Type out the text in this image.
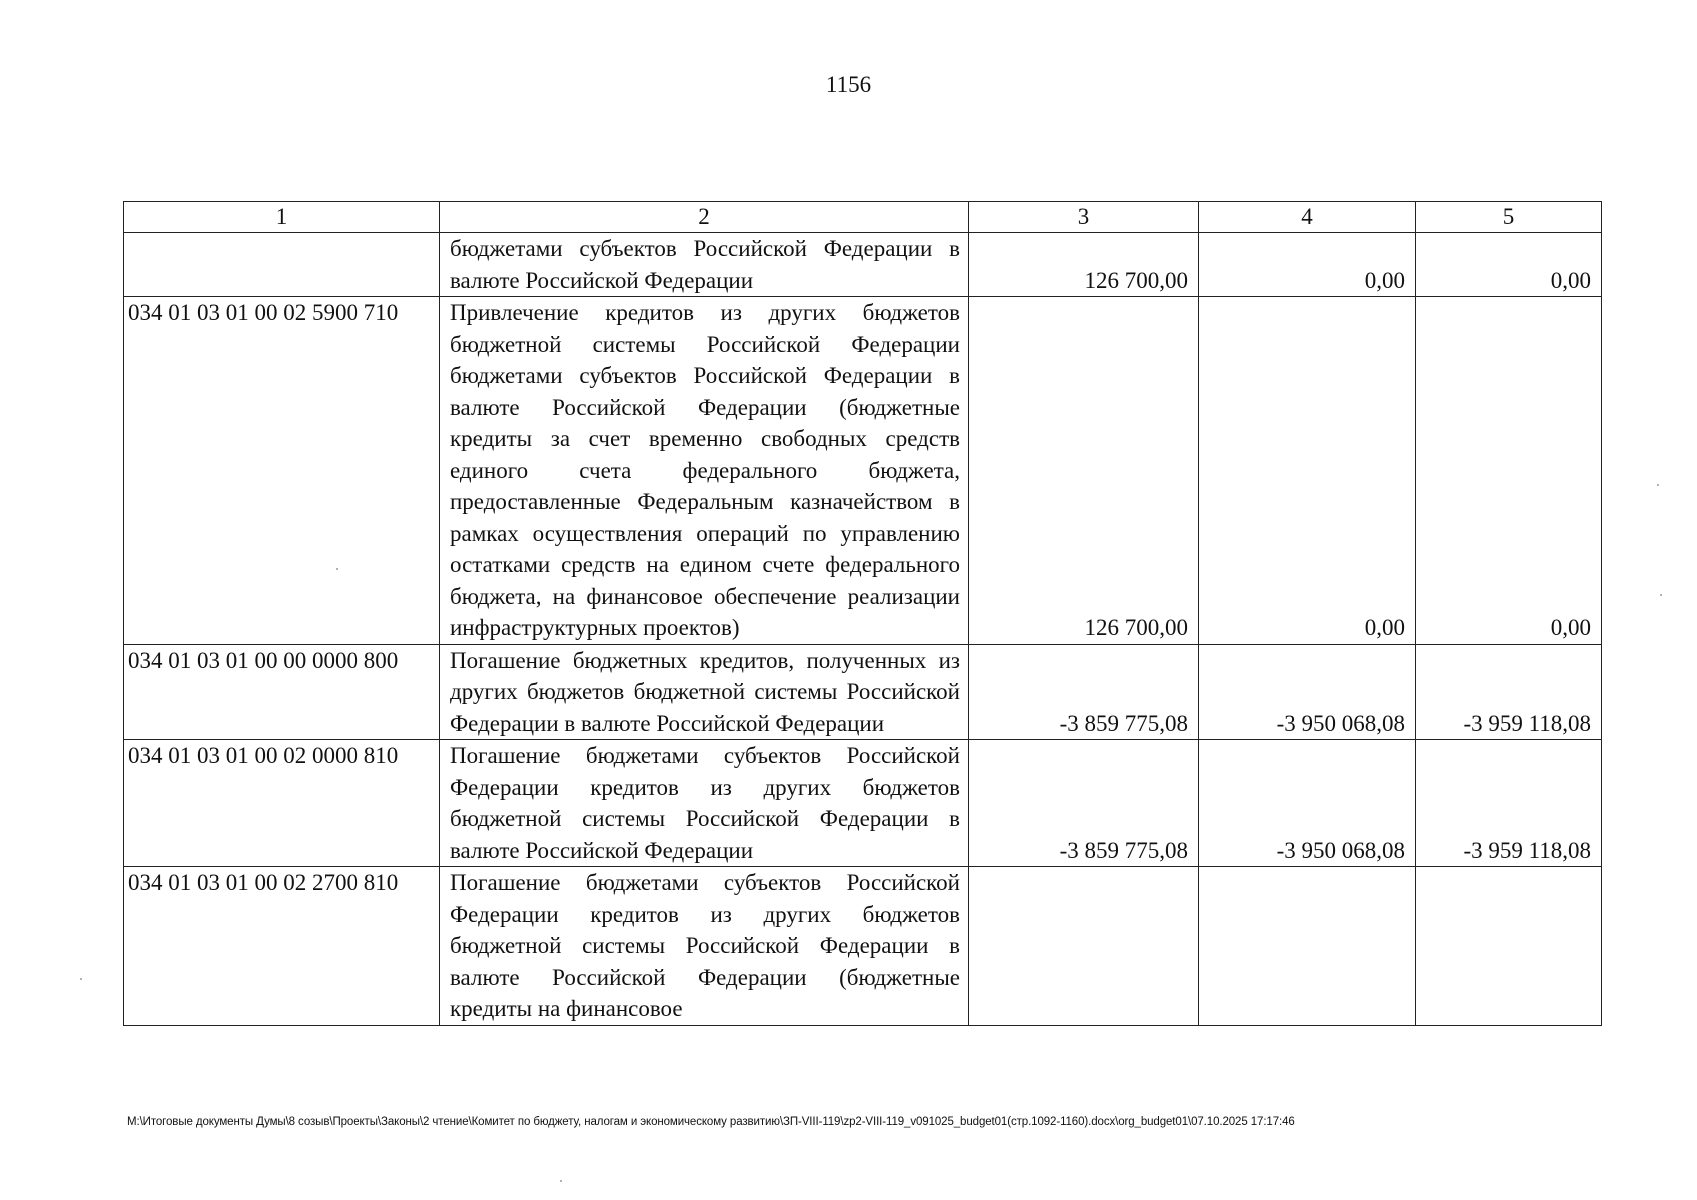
1156
1	2	3	4	5
	бюджетами субъектов Российской Федерации в валюте Российской Федерации	126 700,00	0,00	0,00
034 01 03 01 00 02 5900 710	Привлечение кредитов из других бюджетов бюджетной системы Российской Федерации бюджетами субъектов Российской Федерации в валюте Российской Федерации (бюджетные кредиты за счет временно свободных средств единого счета федерального бюджета, предоставленные Федеральным казначейством в рамках осуществления операций по управлению остатками средств на едином счете федерального бюджета, на финансовое обеспечение реализации инфраструктурных проектов)	126 700,00	0,00	0,00
034 01 03 01 00 00 0000 800	Погашение бюджетных кредитов, полученных из других бюджетов бюджетной системы Российской Федерации в валюте Российской Федерации	-3 859 775,08	-3 950 068,08	-3 959 118,08
034 01 03 01 00 02 0000 810	Погашение бюджетами субъектов Российской Федерации кредитов из других бюджетов бюджетной системы Российской Федерации в валюте Российской Федерации	-3 859 775,08	-3 950 068,08	-3 959 118,08
034 01 03 01 00 02 2700 810	Погашение бюджетами субъектов Российской Федерации кредитов из других бюджетов бюджетной системы Российской Федерации в валюте Российской Федерации (бюджетные кредиты на финансовое			
M:\Итоговые документы Думы\8 созыв\Проекты\Законы\2 чтение\Комитет по бюджету, налогам и экономическому развитию\ЗП-VIII-119\zp2-VIII-119_v091025_budget01(стр.1092-1160).docx\org_budget01\07.10.2025 17:17:46
